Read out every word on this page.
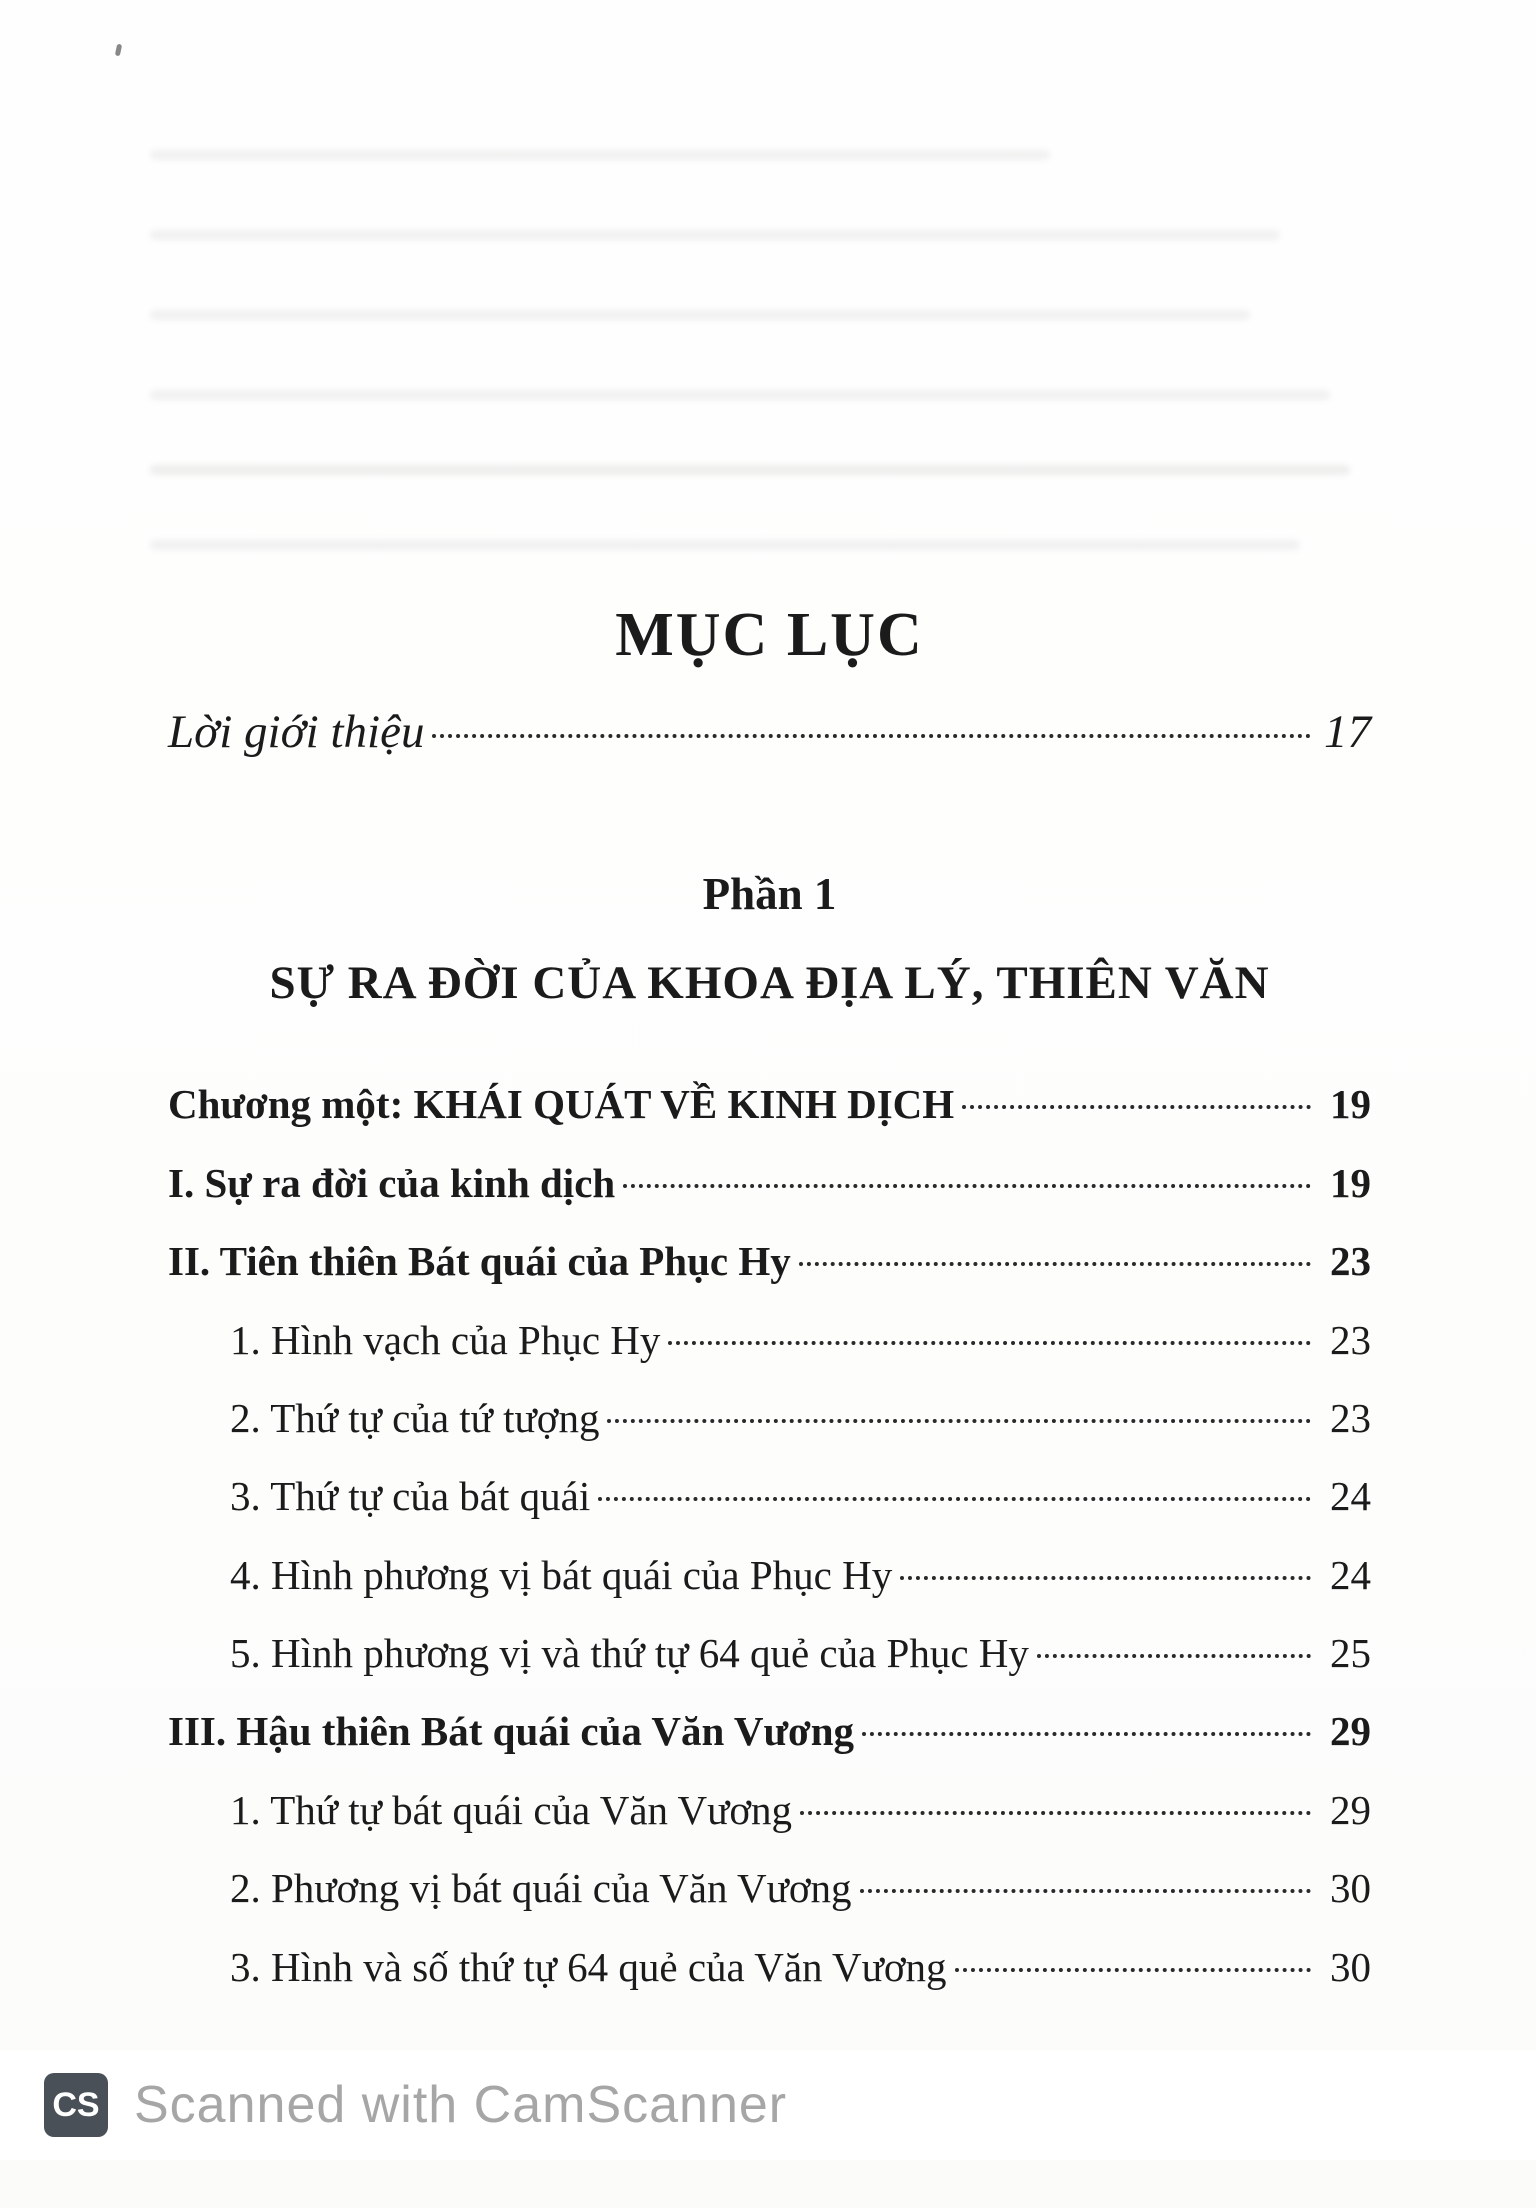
MỤC LỤC
Lời giới thiệu	17
Phần 1
SỰ RA ĐỜI CỦA KHOA ĐỊA LÝ, THIÊN VĂN
Chương một: KHÁI QUÁT VỀ KINH DỊCH	19
I. Sự ra đời của kinh dịch	19
II. Tiên thiên Bát quái của Phục Hy	23
1. Hình vạch của Phục Hy	23
2. Thứ tự của tứ tượng	23
3. Thứ tự của bát quái	24
4. Hình phương vị bát quái của Phục Hy	24
5. Hình phương vị và thứ tự 64 quẻ của Phục Hy	25
III. Hậu thiên Bát quái của Văn Vương	29
1. Thứ tự bát quái của Văn Vương	29
2. Phương vị bát quái của Văn Vương	30
3. Hình và số thứ tự 64 quẻ của Văn Vương	30
CS Scanned with CamScanner
